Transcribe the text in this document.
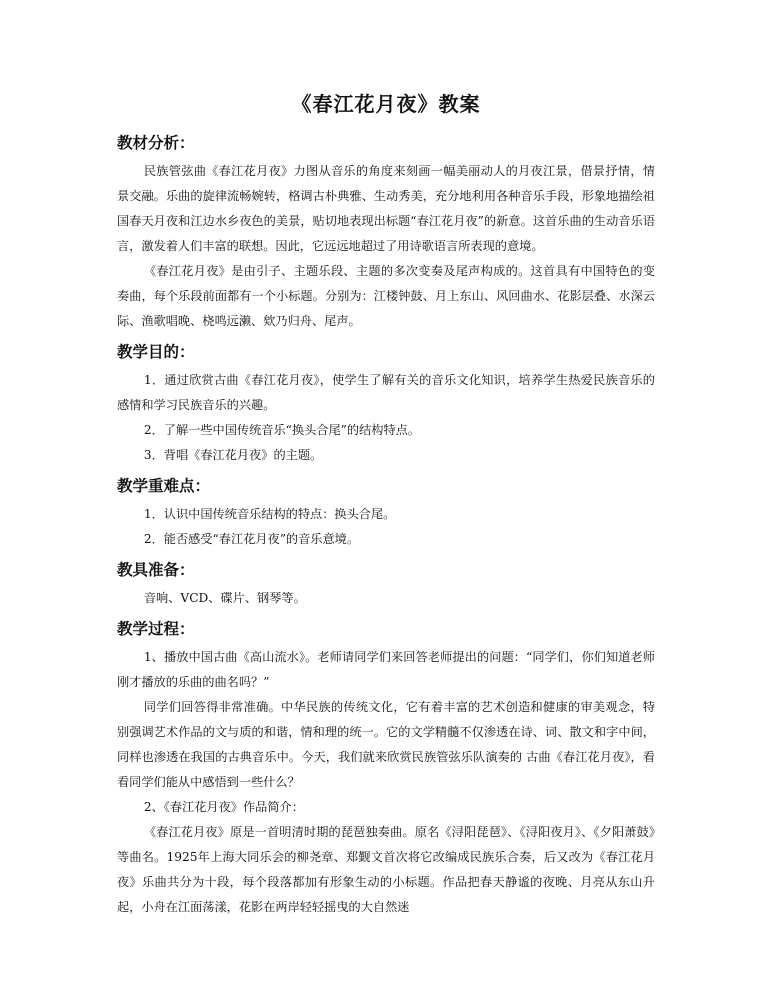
《春江花月夜》教案
教材分析：

民族管弦曲《春江花月夜》力图从音乐的角度来刻画一幅美丽动人的月夜江景，借景抒情，情景交融。乐曲的旋律流畅婉转，格调古朴典雅、生动秀美，充分地利用各种音乐手段，形象地描绘祖国春天月夜和江边水乡夜色的美景，贴切地表现出标题“春江花月夜”的新意。这首乐曲的生动音乐语言，激发着人们丰富的联想。因此，它远远地超过了用诗歌语言所表现的意境。

《春江花月夜》是由引子、主题乐段、主题的多次变奏及尾声构成的。这首具有中国特色的变奏曲，每个乐段前面都有一个小标题。分别为：江楼钟鼓、月上东山、风回曲水、花影层叠、水深云际、渔歌唱晚、桡鸣远濑、欸乃归舟、尾声。

教学目的：

1．通过欣赏古曲《春江花月夜》，使学生了解有关的音乐文化知识，培养学生热爱民族音乐的感情和学习民族音乐的兴趣。

2．了解一些中国传统音乐“换头合尾”的结构特点。

3．背唱《春江花月夜》的主题。

教学重难点：

1．认识中国传统音乐结构的特点：换头合尾。

2．能否感受“春江花月夜”的音乐意境。

教具准备：

音响、VCD、碟片、钢琴等。

教学过程：

1、播放中国古曲《高山流水》。老师请同学们来回答老师提出的问题：“同学们，你们知道老师刚才播放的乐曲的曲名吗？”

同学们回答得非常准确。中华民族的传统文化，它有着丰富的艺术创造和健康的审美观念，特别强调艺术作品的文与质的和谐，情和理的统一。它的文学精髓不仅渗透在诗、词、散文和字中间，同样也渗透在我国的古典音乐中。今天，我们就来欣赏民族管弦乐队演奏的 古曲《春江花月夜》，看看同学们能从中感悟到一些什么？

2、《春江花月夜》作品简介：

《春江花月夜》原是一首明清时期的琵琶独奏曲。原名《浔阳琵琶》、《浔阳夜月》、《夕阳萧鼓》等曲名。1925年上海大同乐会的柳尧章、郑觐文首次将它改编成民族乐合奏，后又改为《春江花月夜》乐曲共分为十段，每个段落都加有形象生动的小标题。作品把春天静谧的夜晚、月亮从东山升起，小舟在江面荡漾，花影在两岸轻轻摇曳的大自然迷
